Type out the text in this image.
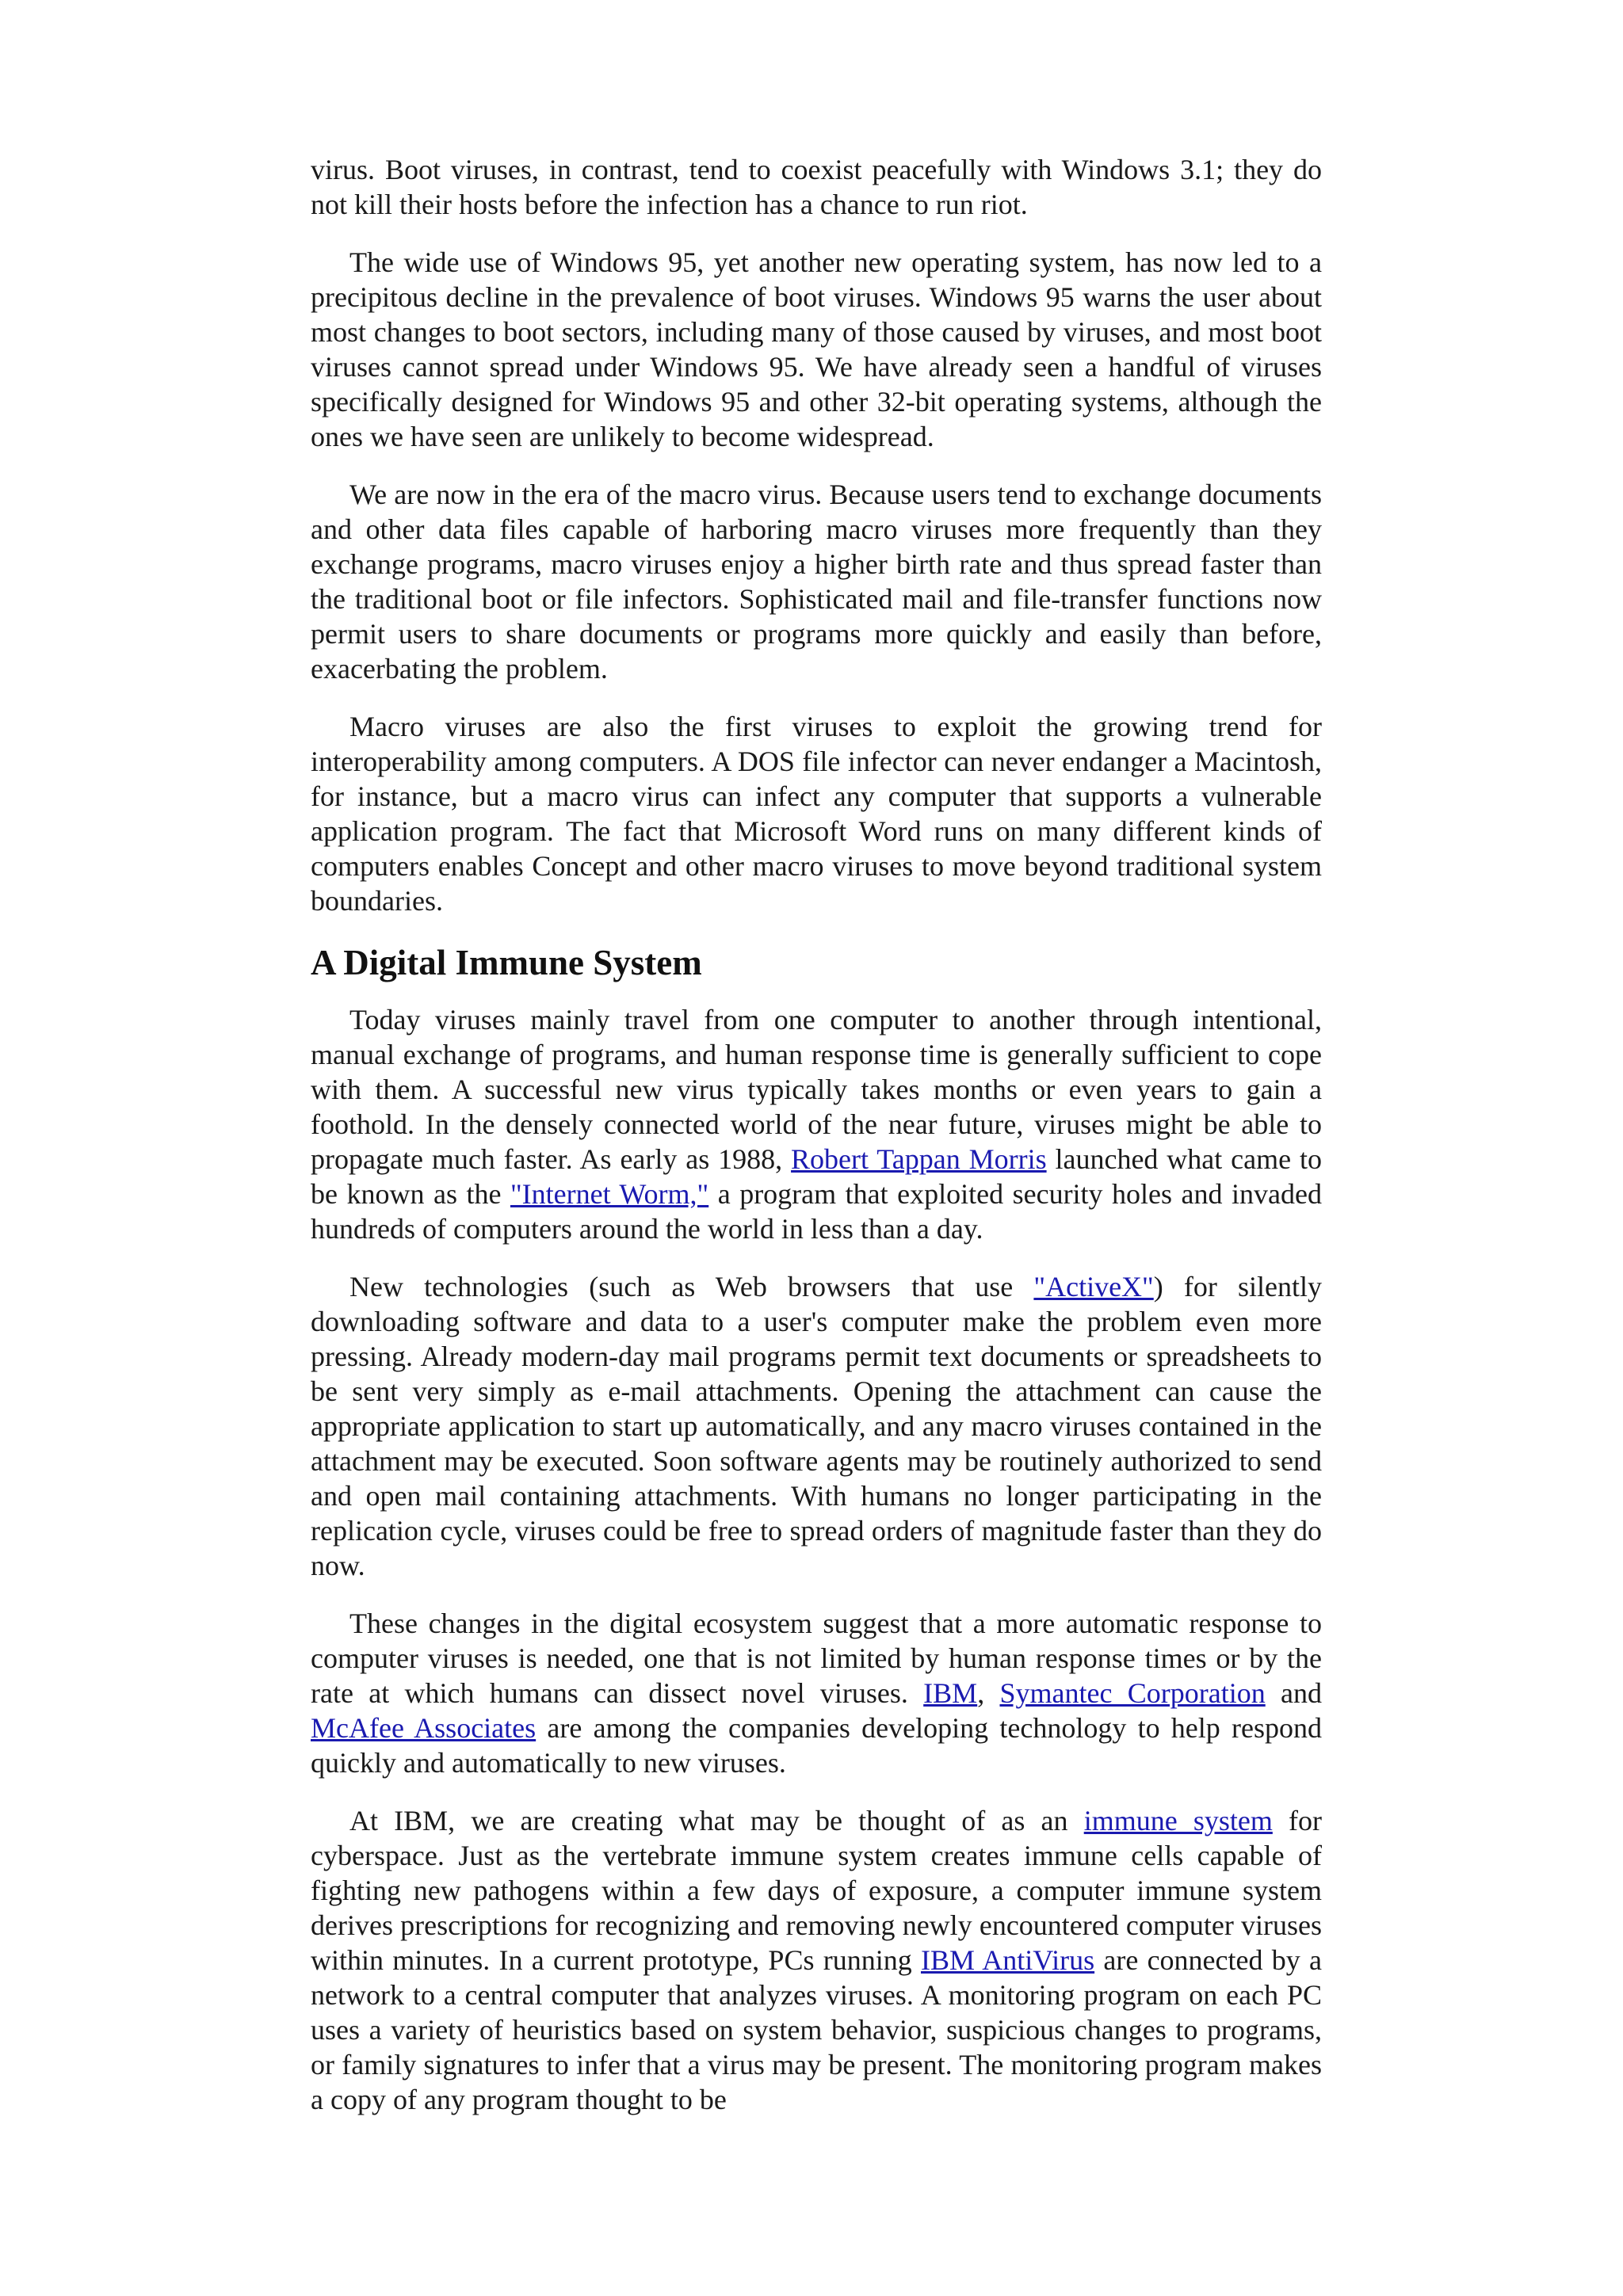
virus. Boot viruses, in contrast, tend to coexist peacefully with Windows 3.1; they do not kill their hosts before the infection has a chance to run riot.

The wide use of Windows 95, yet another new operating system, has now led to a precipitous decline in the prevalence of boot viruses. Windows 95 warns the user about most changes to boot sectors, including many of those caused by viruses, and most boot viruses cannot spread under Windows 95. We have already seen a handful of viruses specifically designed for Windows 95 and other 32-bit operating systems, although the ones we have seen are unlikely to become widespread.

We are now in the era of the macro virus. Because users tend to exchange documents and other data files capable of harboring macro viruses more frequently than they exchange programs, macro viruses enjoy a higher birth rate and thus spread faster than the traditional boot or file infectors. Sophisticated mail and file-transfer functions now permit users to share documents or programs more quickly and easily than before, exacerbating the problem.

Macro viruses are also the first viruses to exploit the growing trend for interoperability among computers. A DOS file infector can never endanger a Macintosh, for instance, but a macro virus can infect any computer that supports a vulnerable application program. The fact that Microsoft Word runs on many different kinds of computers enables Concept and other macro viruses to move beyond traditional system boundaries.

A Digital Immune System

Today viruses mainly travel from one computer to another through intentional, manual exchange of programs, and human response time is generally sufficient to cope with them. A successful new virus typically takes months or even years to gain a foothold. In the densely connected world of the near future, viruses might be able to propagate much faster. As early as 1988, Robert Tappan Morris launched what came to be known as the "Internet Worm," a program that exploited security holes and invaded hundreds of computers around the world in less than a day.

New technologies (such as Web browsers that use "ActiveX") for silently downloading software and data to a user's computer make the problem even more pressing. Already modern-day mail programs permit text documents or spreadsheets to be sent very simply as e-mail attachments. Opening the attachment can cause the appropriate application to start up automatically, and any macro viruses contained in the attachment may be executed. Soon software agents may be routinely authorized to send and open mail containing attachments. With humans no longer participating in the replication cycle, viruses could be free to spread orders of magnitude faster than they do now.

These changes in the digital ecosystem suggest that a more automatic response to computer viruses is needed, one that is not limited by human response times or by the rate at which humans can dissect novel viruses. IBM, Symantec Corporation and McAfee Associates are among the companies developing technology to help respond quickly and automatically to new viruses.

At IBM, we are creating what may be thought of as an immune system for cyberspace. Just as the vertebrate immune system creates immune cells capable of fighting new pathogens within a few days of exposure, a computer immune system derives prescriptions for recognizing and removing newly encountered computer viruses within minutes. In a current prototype, PCs running IBM AntiVirus are connected by a network to a central computer that analyzes viruses. A monitoring program on each PC uses a variety of heuristics based on system behavior, suspicious changes to programs, or family signatures to infer that a virus may be present. The monitoring program makes a copy of any program thought to be
